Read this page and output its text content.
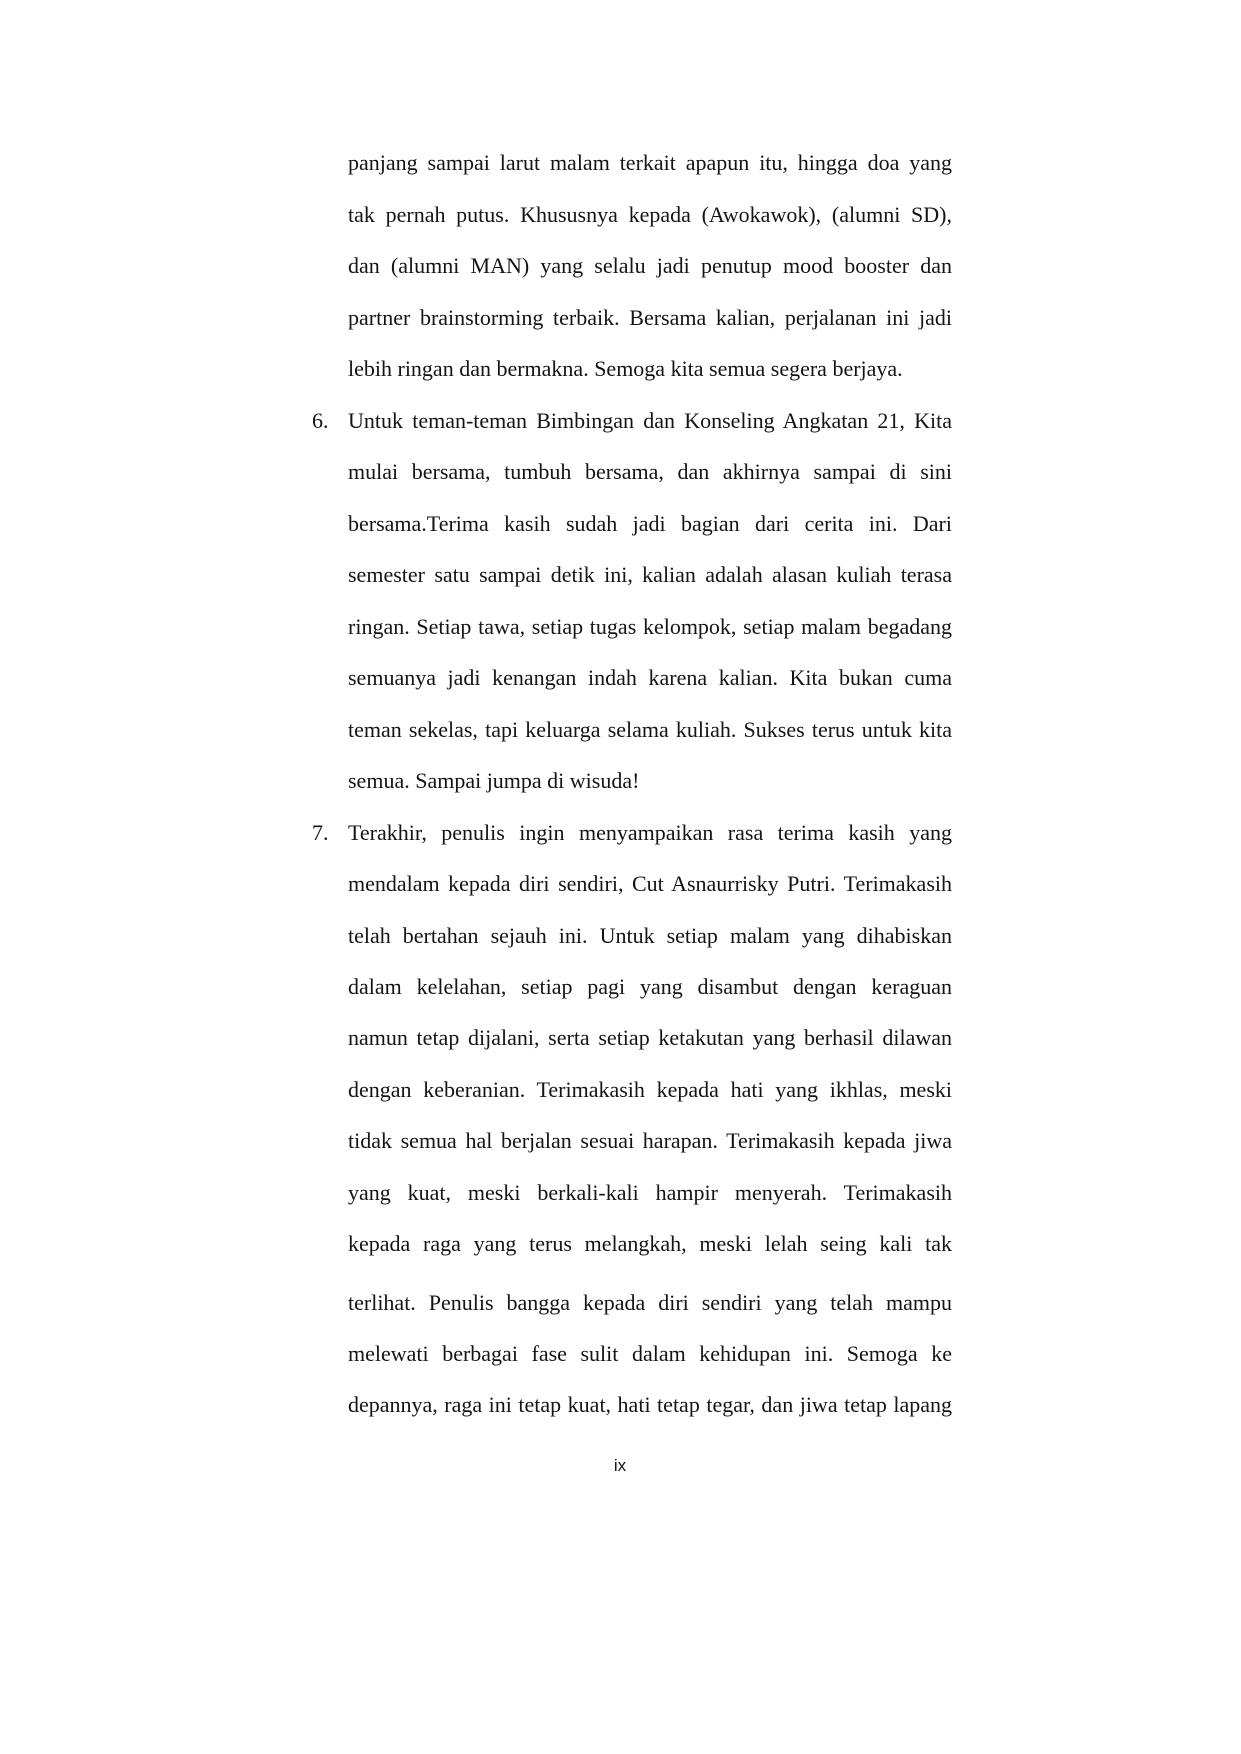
panjang sampai larut malam terkait apapun itu, hingga doa yang
tak pernah putus. Khususnya kepada (Awokawok), (alumni SD),
dan (alumni MAN) yang selalu jadi penutup mood booster dan
partner brainstorming terbaik. Bersama kalian, perjalanan ini jadi
lebih ringan dan bermakna. Semoga kita semua segera berjaya.
6. Untuk teman-teman Bimbingan dan Konseling Angkatan 21, Kita
mulai bersama, tumbuh bersama, dan akhirnya sampai di sini
bersama.Terima kasih sudah jadi bagian dari cerita ini. Dari
semester satu sampai detik ini, kalian adalah alasan kuliah terasa
ringan. Setiap tawa, setiap tugas kelompok, setiap malam begadang
semuanya jadi kenangan indah karena kalian. Kita bukan cuma
teman sekelas, tapi keluarga selama kuliah. Sukses terus untuk kita
semua. Sampai jumpa di wisuda!
7. Terakhir, penulis ingin menyampaikan rasa terima kasih yang
mendalam kepada diri sendiri, Cut Asnaurrisky Putri. Terimakasih
telah bertahan sejauh ini. Untuk setiap malam yang dihabiskan
dalam kelelahan, setiap pagi yang disambut dengan keraguan
namun tetap dijalani, serta setiap ketakutan yang berhasil dilawan
dengan keberanian. Terimakasih kepada hati yang ikhlas, meski
tidak semua hal berjalan sesuai harapan. Terimakasih kepada jiwa
yang kuat, meski berkali-kali hampir menyerah. Terimakasih
kepada raga yang terus melangkah, meski lelah seing kali tak
terlihat. Penulis bangga kepada diri sendiri yang telah mampu
melewati berbagai fase sulit dalam kehidupan ini. Semoga ke
depannya, raga ini tetap kuat, hati tetap tegar, dan jiwa tetap lapang
ix
